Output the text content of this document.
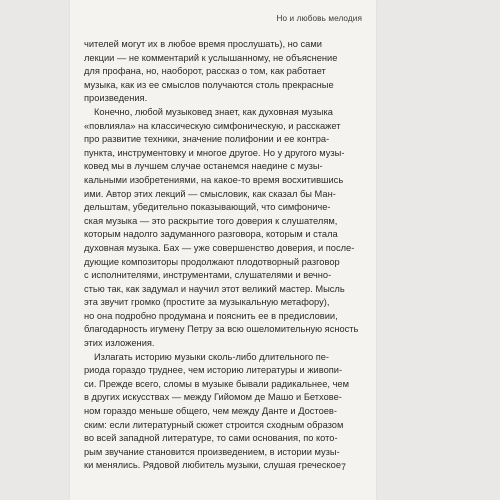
Но и любовь мелодия
чителей могут их в любое время прослушать), но сами
лекции — не комментарий к услышанному, не объяснение
для профана, но, наоборот, рассказ о том, как работает
музыка, как из ее смыслов получаются столь прекрасные
произведения.
Конечно, любой музыковед знает, как духовная музыка
«повлияла» на классическую симфоническую, и расскажет
про развитие техники, значение полифонии и ее контра-
пункта, инструментовку и многое другое. Но у другого музы-
ковед мы в лучшем случае останемся наедине с музы-
кальными изобретениями, на какое-то время восхитившись
ими. Автор этих лекций — смысловик, как сказал бы Ман-
дельштам, убедительно показывающий, что симфониче-
ская музыка — это раскрытие того доверия к слушателям,
которым надолго задуманного разговора, которым и стала
духовная музыка. Бах — уже совершенство доверия, и после-
дующие композиторы продолжают плодотворный разговор
с исполнителями, инструментами, слушателями и вечно-
стью так, как задумал и научил этот великий мастер. Мысль
эта звучит громко (простите за музыкальную метафору),
но она подробно продумана и пояснить ее в предисловии,
благодарность игумену Петру за всю ошеломительную ясность
этих изложения.
Излагать историю музыки сколь-либо длительного пе-
риода гораздо труднее, чем историю литературы и живопи-
си. Прежде всего, сломы в музыке бывали радикальнее, чем
в других искусствах — между Гийомом де Машо и Бетхове-
ном гораздо меньше общего, чем между Данте и Достоев-
ским: если литературный сюжет строится сходным образом
во всей западной литературе, то сами основания, по кото-
рым звучание становится произведением, в истории музы-
ки менялись. Рядовой любитель музыки, слушая греческое 7
